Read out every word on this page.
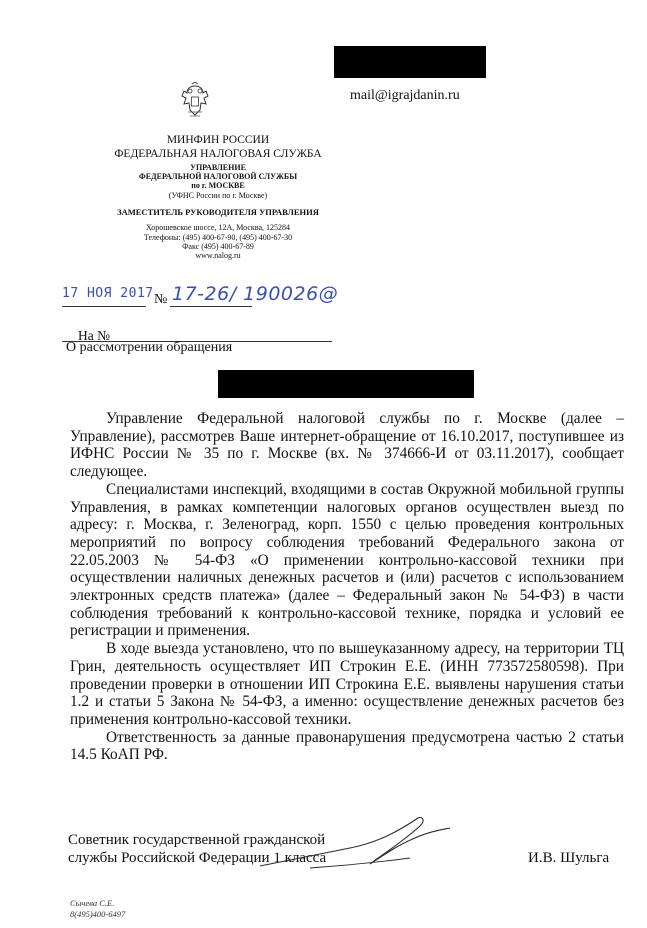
mail@igrajdanin.ru
МИНФИН РОССИИ
ФЕДЕРАЛЬНАЯ НАЛОГОВАЯ СЛУЖБА
УПРАВЛЕНИЕ
ФЕДЕРАЛЬНОЙ НАЛОГОВОЙ СЛУЖБЫ
по г. МОСКВЕ
(УФНС России по г. Москве)
ЗАМЕСТИТЕЛЬ РУКОВОДИТЕЛЯ УПРАВЛЕНИЯ
Хорошевское шоссе, 12А, Москва, 125284
Телефоны: (495) 400-67-90, (495) 400-67-30
Факс (495) 400-67-89
www.nalog.ru
17 НОЯ 2017 № 17-26/ 190026@
На №
О рассмотрении обращения

Управление Федеральной налоговой службы по г. Москве (далее – Управление), рассмотрев Ваше интернет-обращение от 16.10.2017, поступившее из ИФНС России № 35 по г. Москве (вх. № 374666-И от 03.11.2017), сообщает следующее.

Специалистами инспекций, входящими в состав Окружной мобильной группы Управления, в рамках компетенции налоговых органов осуществлен выезд по адресу: г. Москва, г. Зеленоград, корп. 1550 с целью проведения контрольных мероприятий по вопросу соблюдения требований Федерального закона от 22.05.2003 № 54-ФЗ «О применении контрольно-кассовой техники при осуществлении наличных денежных расчетов и (или) расчетов с использованием электронных средств платежа» (далее – Федеральный закон № 54-ФЗ) в части соблюдения требований к контрольно-кассовой технике, порядка и условий ее регистрации и применения.

В ходе выезда установлено, что по вышеуказанному адресу, на территории ТЦ Грин, деятельность осуществляет ИП Строкин Е.Е. (ИНН 773572580598). При проведении проверки в отношении ИП Строкина Е.Е. выявлены нарушения статьи 1.2 и статьи 5 Закона № 54-ФЗ, а именно: осуществление денежных расчетов без применения контрольно-кассовой техники.

Ответственность за данные правонарушения предусмотрена частью 2 статьи 14.5 КоАП РФ.

Советник государственной гражданской
службы Российской Федерации 1 класса	И.В. Шульга
Сычева С.Е.
8(495)400-6497
